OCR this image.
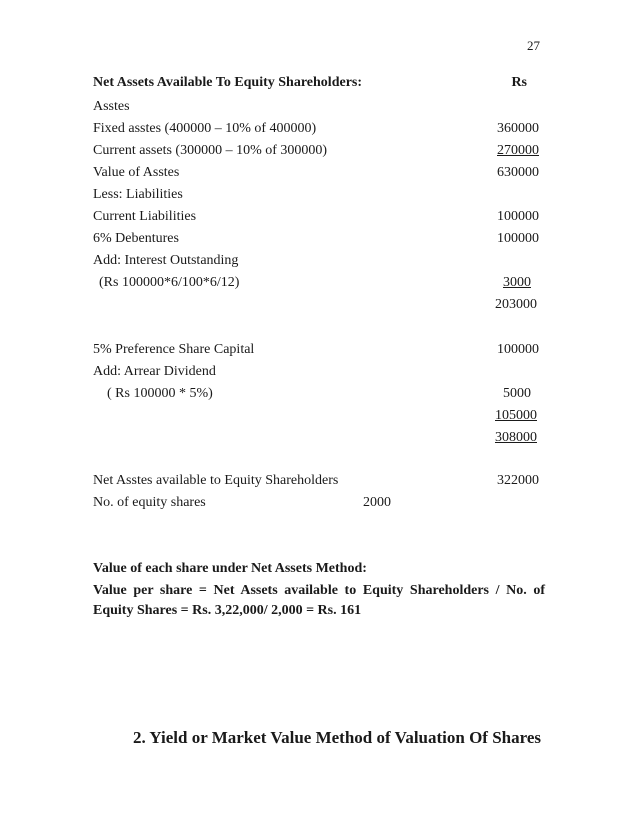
27
Net Assets Available To Equity Shareholders:	Rs
Asstes
Fixed asstes (400000 – 10% of 400000)	360000
Current assets (300000 – 10% of 300000)	270000
Value of Asstes	630000
Less: Liabilities
Current Liabilities	100000
6% Debentures	100000
Add: Interest Outstanding
(Rs 100000*6/100*6/12)	3000
203000
5% Preference Share Capital	100000
Add: Arrear Dividend
( Rs 100000 * 5%)	5000
105000
308000
Net Asstes available to Equity Shareholders	322000
No. of equity shares	2000
Value of each share under Net Assets Method:
Value per share = Net Assets available to Equity Shareholders / No. of Equity Shares = Rs. 3,22,000/ 2,000 = Rs. 161
2. Yield or Market Value Method of Valuation Of Shares
